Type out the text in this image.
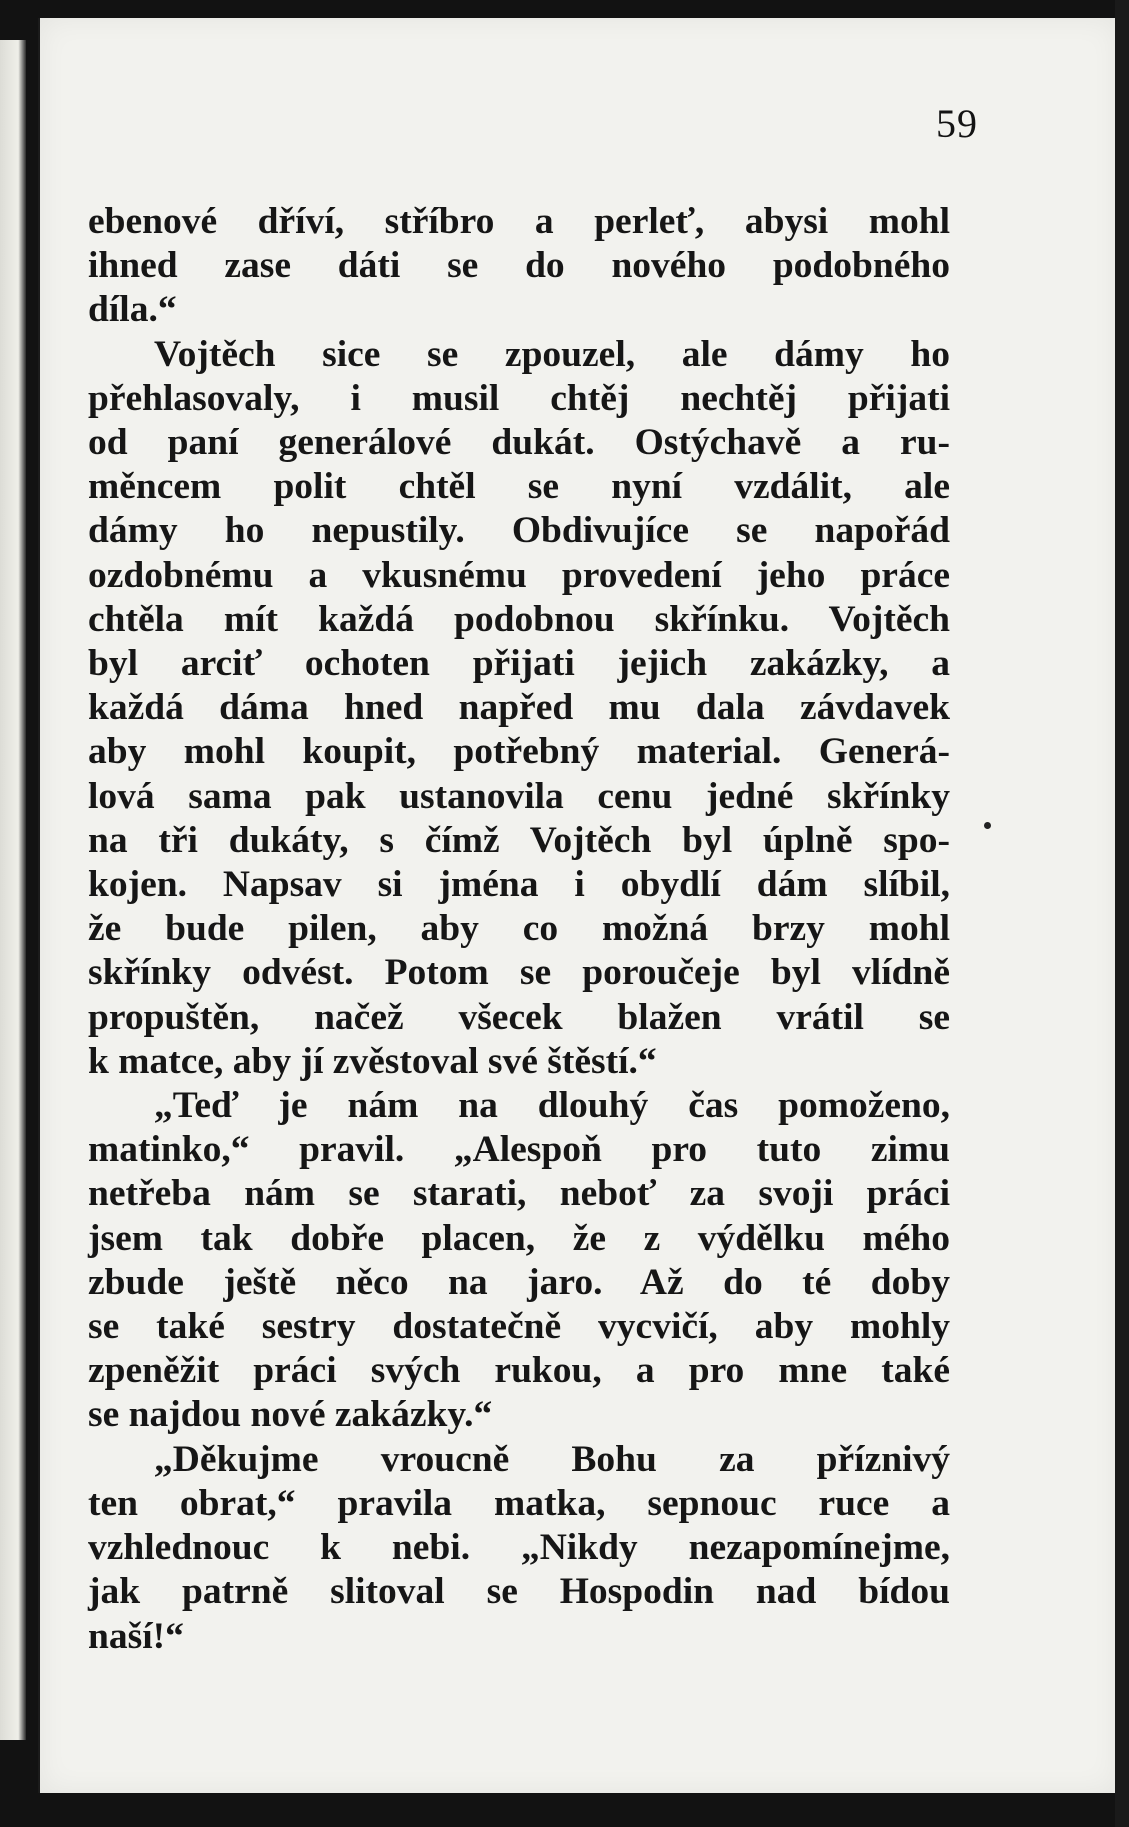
59
ebenové dříví, stříbro a perleť, abysi mohl
ihned zase dáti se do nového podobného
díla.“
Vojtěch sice se zpouzel, ale dámy ho
přehlasovaly, i musil chtěj nechtěj přijati
od paní generálové dukát. Ostýchavě a ru-
měncem polit chtěl se nyní vzdálit, ale
dámy ho nepustily. Obdivujíce se napořád
ozdobnému a vkusnému provedení jeho práce
chtěla mít každá podobnou skřínku. Vojtěch
byl arciť ochoten přijati jejich zakázky, a
každá dáma hned napřed mu dala závdavek
aby mohl koupit, potřebný material. Generá-
lová sama pak ustanovila cenu jedné skřínky
na tři dukáty, s čímž Vojtěch byl úplně spo-
kojen. Napsav si jména i obydlí dám slíbil,
že bude pilen, aby co možná brzy mohl
skřínky odvést. Potom se poroučeje byl vlídně
propuštěn, načež všecek blažen vrátil se
k matce, aby jí zvěstoval své štěstí.“
„Teď je nám na dlouhý čas pomoženo,
matinko,“ pravil. „Alespoň pro tuto zimu
netřeba nám se starati, neboť za svoji práci
jsem tak dobře placen, že z výdělku mého
zbude ještě něco na jaro. Až do té doby
se také sestry dostatečně vycvičí, aby mohly
zpeněžit práci svých rukou, a pro mne také
se najdou nové zakázky.“
„Děkujme vroucně Bohu za příznivý
ten obrat,“ pravila matka, sepnouc ruce a
vzhlednouc k nebi. „Nikdy nezapomínejme,
jak patrně slitoval se Hospodin nad bídou
naší!“
